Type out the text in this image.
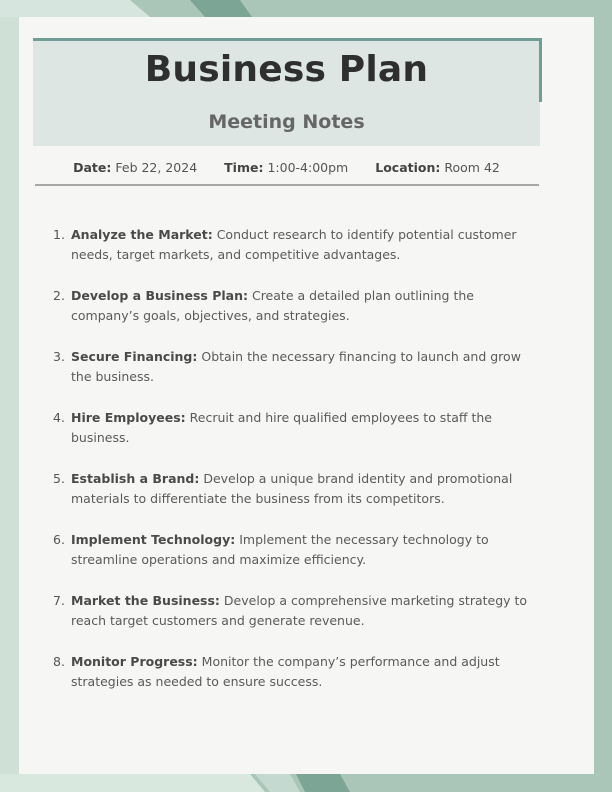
Business Plan
Meeting Notes
Date: Feb 22, 2024 Time: 1:00-4:00pm Location: Room 42
1. Analyze the Market: Conduct research to identify potential customer needs, target markets, and competitive advantages.
2. Develop a Business Plan: Create a detailed plan outlining the company’s goals, objectives, and strategies.
3. Secure Financing: Obtain the necessary financing to launch and grow the business.
4. Hire Employees: Recruit and hire qualified employees to staff the business.
5. Establish a Brand: Develop a unique brand identity and promotional materials to differentiate the business from its competitors.
6. Implement Technology: Implement the necessary technology to streamline operations and maximize efficiency.
7. Market the Business: Develop a comprehensive marketing strategy to reach target customers and generate revenue.
8. Monitor Progress: Monitor the company’s performance and adjust strategies as needed to ensure success.
